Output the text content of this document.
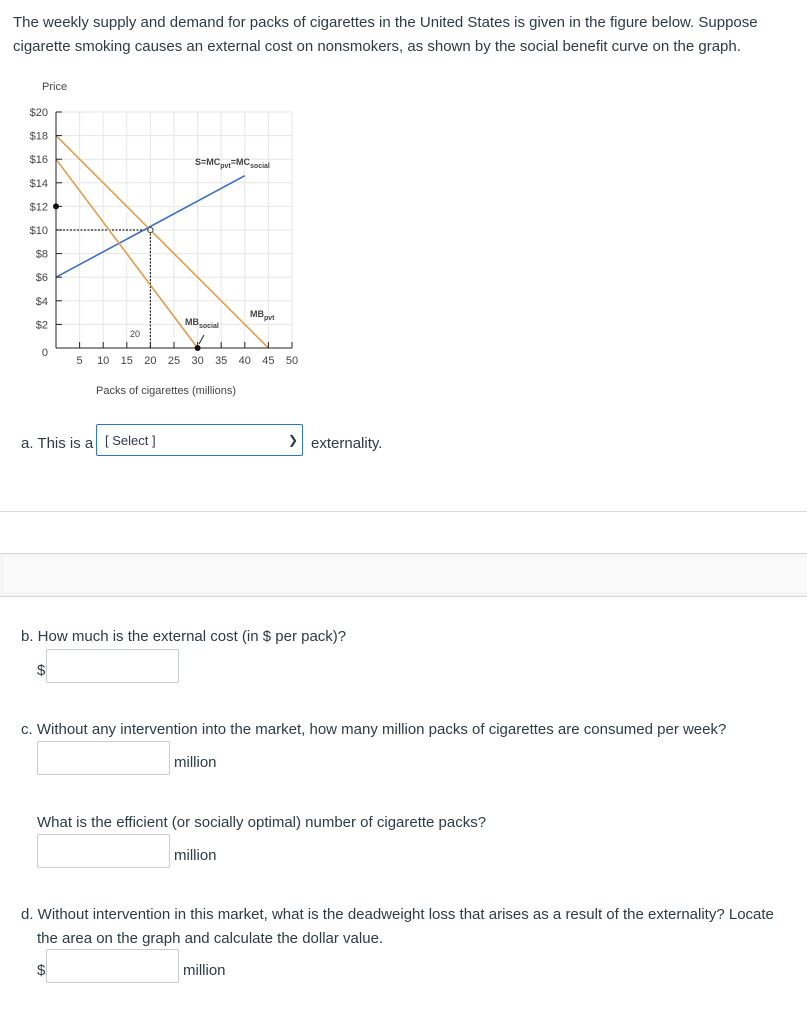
The weekly supply and demand for packs of cigarettes in the United States is given in the figure below. Suppose cigarette smoking causes an external cost on nonsmokers, as shown by the social benefit curve on the graph.
Price
$20
$18
$16
$14
$12
$10
$8
$6
$4
$2
0
5 10 15 20 25 30 35 40 45 50
$S=MC_{pvt}=MC_{social}$
$MB_{pvt}$
$MB_{social}$
20
Packs of cigarettes (millions)
a. This is a [ Select ]	❯ externality.
b. How much is the external cost (in $ per pack)?
$
c. Without any intervention into the market, how many million packs of cigarettes are consumed per week?
million
What is the efficient (or socially optimal) number of cigarette packs?
million
d. Without intervention in this market, what is the deadweight loss that arises as a result of the externality? Locate
the area on the graph and calculate the dollar value.
$	million
